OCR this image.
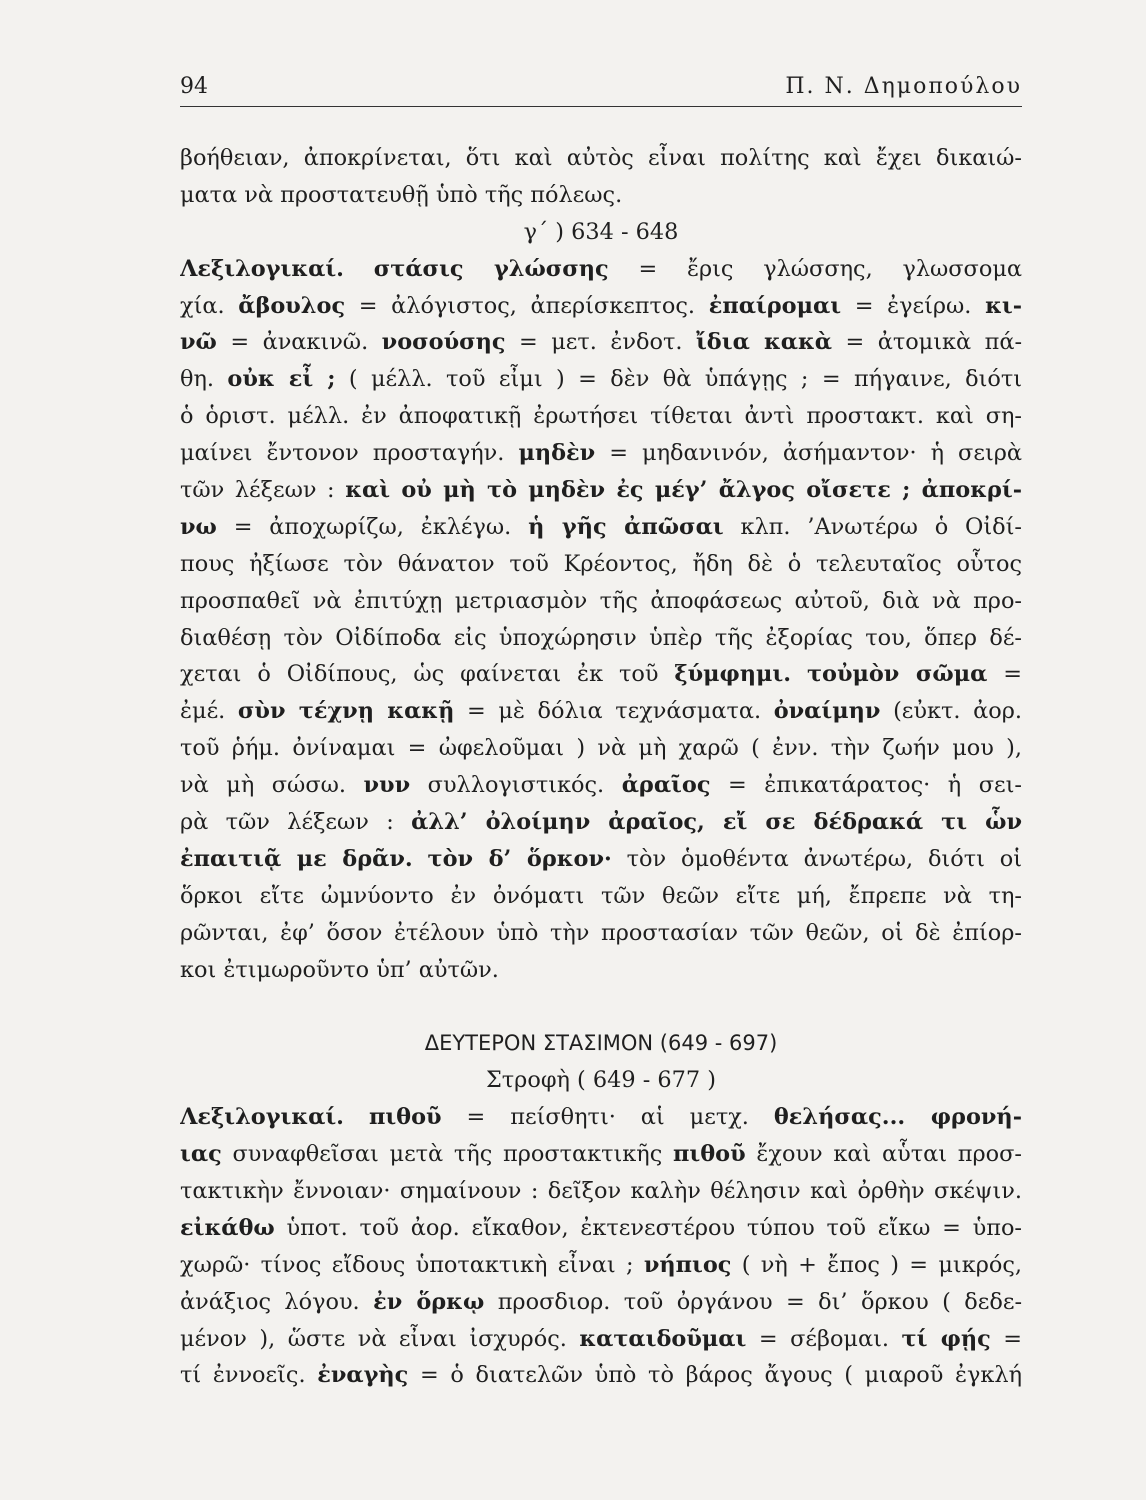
94	Π. Ν. Δημοπούλου
βοήθειαν, ἀποκρίνεται, ὅτι καὶ αὐτὸς εἶναι πολίτης καὶ ἔχει δικαιώ-
ματα νὰ προστατευθῇ ὑπὸ τῆς πόλεως.
γ΄ ) 634 - 648
Λεξιλογικαί. στάσις γλώσσης = ἔρις γλώσσης, γλωσσομα
χία. ἄβουλος = ἀλόγιστος, ἀπερίσκεπτος. ἐπαίρομαι = ἐγείρω. κι-
νῶ = ἀνακινῶ. νοσούσης = μετ. ἐνδοτ. ἴδια κακὰ = ἀτομικὰ πά-
θη. οὐκ εἶ ; ( μέλλ. τοῦ εἶμι ) = δὲν θὰ ὑπάγῃς ; = πήγαινε, διότι
ὁ ὁριστ. μέλλ. ἐν ἀποφατικῇ ἐρωτήσει τίθεται ἀντὶ προστακτ. καὶ ση-
μαίνει ἔντονον προσταγήν. μηδὲν = μηδανινόν, ἀσήμαντον· ἡ σειρὰ
τῶν λέξεων : καὶ οὐ μὴ τὸ μηδὲν ἐς μέγ’ ἄλγος οἴσετε ; ἀποκρί-
νω = ἀποχωρίζω, ἐκλέγω. ἡ γῆς ἀπῶσαι κλπ. ’Ανωτέρω ὁ Οἰδί-
πους ἠξίωσε τὸν θάνατον τοῦ Κρέοντος, ἤδη δὲ ὁ τελευταῖος οὗτος
προσπαθεῖ νὰ ἐπιτύχῃ μετριασμὸν τῆς ἀποφάσεως αὐτοῦ, διὰ νὰ προ-
διαθέσῃ τὸν Οἰδίποδα εἰς ὑποχώρησιν ὑπὲρ τῆς ἐξορίας του, ὅπερ δέ-
χεται ὁ Οἰδίπους, ὡς φαίνεται ἐκ τοῦ ξύμφημι. τοὐμὸν σῶμα =
ἐμέ. σὺν τέχνῃ κακῇ = μὲ δόλια τεχνάσματα. ὀναίμην (εὐκτ. ἀορ.
τοῦ ῥήμ. ὀνίναμαι = ὠφελοῦμαι ) νὰ μὴ χαρῶ ( ἐνν. τὴν ζωήν μου ),
νὰ μὴ σώσω. νυν συλλογιστικός. ἀραῖος = ἐπικατάρατος· ἡ σει-
ρὰ τῶν λέξεων : ἀλλ’ ὀλοίμην ἀραῖος, εἴ σε δέδρακά τι ὧν
ἐπαιτιᾷ με δρᾶν. τὸν δ’ ὅρκον· τὸν ὁμοθέντα ἀνωτέρω, διότι οἱ
ὅρκοι εἴτε ὠμνύοντο ἐν ὀνόματι τῶν θεῶν εἴτε μή, ἔπρεπε νὰ τη-
ρῶνται, ἐφ’ ὅσον ἐτέλουν ὑπὸ τὴν προστασίαν τῶν θεῶν, οἱ δὲ ἐπίορ-
κοι ἐτιμωροῦντο ὑπ’ αὐτῶν.

ΔΕΥΤΕΡΟΝ ΣΤΑΣΙΜΟΝ (649 - 697)
Στροφὴ ( 649 - 677 )
Λεξιλογικαί. πιθοῦ = πείσθητι· αἱ μετχ. θελήσας... φρονή-
ιας συναφθεῖσαι μετὰ τῆς προστακτικῆς πιθοῦ ἔχουν καὶ αὗται προσ-
τακτικὴν ἔννοιαν· σημαίνουν : δεῖξον καλὴν θέλησιν καὶ ὀρθὴν σκέψιν.
εἰκάθω ὑποτ. τοῦ ἀορ. εἴκαθον, ἐκτενεστέρου τύπου τοῦ εἴκω = ὑπο-
χωρῶ· τίνος εἴδους ὑποτακτικὴ εἶναι ; νήπιος ( νὴ + ἔπος ) = μικρός,
ἀνάξιος λόγου. ἐν ὅρκῳ προσδιορ. τοῦ ὀργάνου = δι’ ὅρκου ( δεδε-
μένον ), ὥστε νὰ εἶναι ἰσχυρός. καταιδοῦμαι = σέβομαι. τί φῄς =
τί ἐννοεῖς. ἐναγὴς = ὁ διατελῶν ὑπὸ τὸ βάρος ἄγους ( μιαροῦ ἐγκλή
